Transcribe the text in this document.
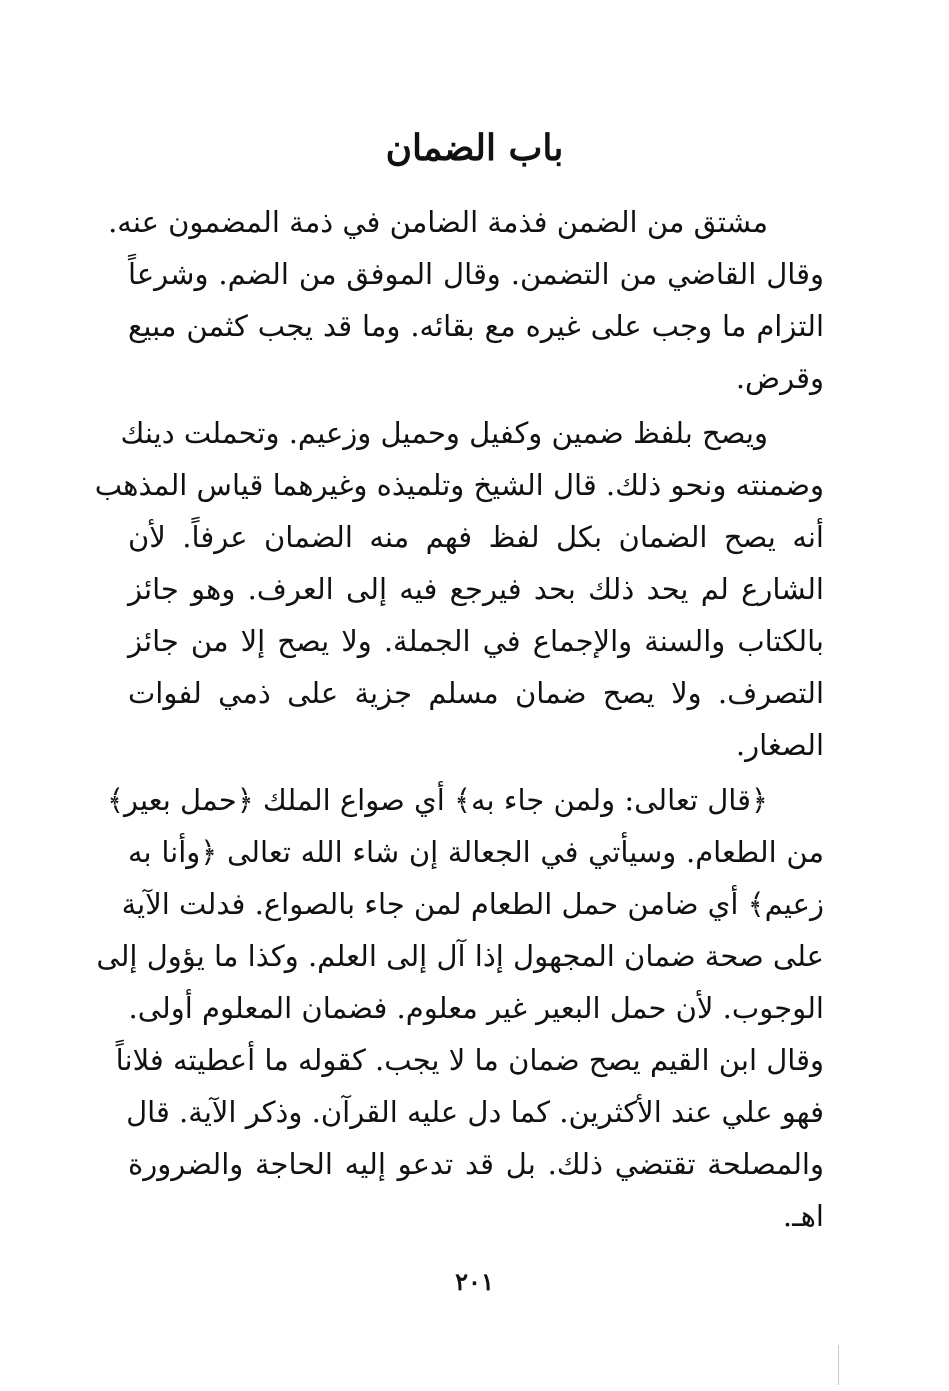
باب الضمان

مشتق من الضمن فذمة الضامن في ذمة المضمون عنه.
وقال القاضي من التضمن. وقال الموفق من الضم. وشرعاً
التزام ما وجب على غيره مع بقائه. وما قد يجب كثمن مبيع
وقرض.

ويصح بلفظ ضمين وكفيل وحميل وزعيم. وتحملت دينك
وضمنته ونحو ذلك. قال الشيخ وتلميذه وغيرهما قياس المذهب
أنه يصح الضمان بكل لفظ فهم منه الضمان عرفاً. لأن
الشارع لم يحد ذلك بحد فيرجع فيه إلى العرف. وهو جائز
بالكتاب والسنة والإجماع في الجملة. ولا يصح إلا من جائز
التصرف. ولا يصح ضمان مسلم جزية على ذمي لفوات
الصغار.

﴿قال تعالى: ولمن جاء به﴾ أي صواع الملك ﴿حمل بعير﴾
من الطعام. وسيأتي في الجعالة إن شاء الله تعالى ﴿وأنا به
زعيم﴾ أي ضامن حمل الطعام لمن جاء بالصواع. فدلت الآية
على صحة ضمان المجهول إذا آل إلى العلم. وكذا ما يؤول إلى
الوجوب. لأن حمل البعير غير معلوم. فضمان المعلوم أولى.
وقال ابن القيم يصح ضمان ما لا يجب. كقوله ما أعطيته فلاناً
فهو علي عند الأكثرين. كما دل عليه القرآن. وذكر الآية. قال
والمصلحة تقتضي ذلك. بل قد تدعو إليه الحاجة والضرورة
اهـ.

٢٠١
